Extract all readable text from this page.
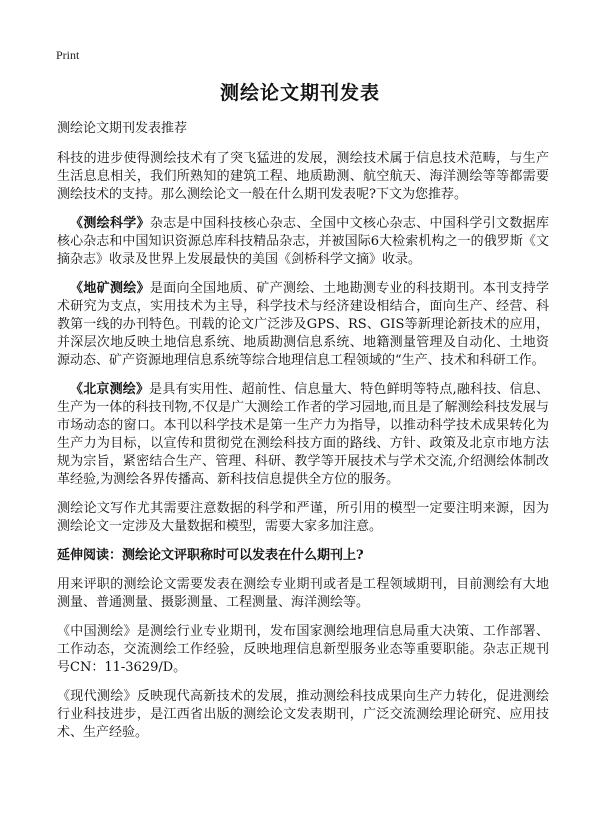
Print
测绘论文期刊发表
测绘论文期刊发表推荐

科技的进步使得测绘技术有了突飞猛进的发展，测绘技术属于信息技术范畴，与生产生活息息相关，我们所熟知的建筑工程、地质勘测、航空航天、海洋测绘等等都需要测绘技术的支持。那么测绘论文一般在什么期刊发表呢?下文为您推荐。

《测绘科学》杂志是中国科技核心杂志、全国中文核心杂志、中国科学引文数据库核心杂志和中国知识资源总库科技精品杂志，并被国际6大检索机构之一的俄罗斯《文摘杂志》收录及世界上发展最快的美国《剑桥科学文摘》收录。

《地矿测绘》是面向全国地质、矿产测绘、土地勘测专业的科技期刊。本刊支持学术研究为支点，实用技术为主导，科学技术与经济建设相结合，面向生产、经营、科教第一线的办刊特色。刊载的论文广泛涉及GPS、RS、GIS等新理论新技术的应用，并深层次地反映土地信息系统、地质勘测信息系统、地籍测量管理及自动化、土地资源动态、矿产资源地理信息系统等综合地理信息工程领域的“生产、技术和科研工作。

《北京测绘》是具有实用性、超前性、信息量大、特色鲜明等特点,融科技、信息、生产为一体的科技刊物,不仅是广大测绘工作者的学习园地,而且是了解测绘科技发展与市场动态的窗口。本刊以科学技术是第一生产力为指导，以推动科学技术成果转化为生产力为目标，以宣传和贯彻党在测绘科技方面的路线、方针、政策及北京市地方法规为宗旨，紧密结合生产、管理、科研、教学等开展技术与学术交流,介绍测绘体制改革经验,为测绘各界传播高、新科技信息提供全方位的服务。

测绘论文写作尤其需要注意数据的科学和严谨，所引用的模型一定要注明来源，因为测绘论文一定涉及大量数据和模型，需要大家多加注意。

延伸阅读：测绘论文评职称时可以发表在什么期刊上?

用来评职的测绘论文需要发表在测绘专业期刊或者是工程领域期刊，目前测绘有大地测量、普通测量、摄影测量、工程测量、海洋测绘等。

《中国测绘》是测绘行业专业期刊，发布国家测绘地理信息局重大决策、工作部署、工作动态，交流测绘工作经验，反映地理信息新型服务业态等重要职能。杂志正规刊号CN：11-3629/D。

《现代测绘》反映现代高新技术的发展，推动测绘科技成果向生产力转化，促进测绘行业科技进步，是江西省出版的测绘论文发表期刊，广泛交流测绘理论研究、应用技术、生产经验。
